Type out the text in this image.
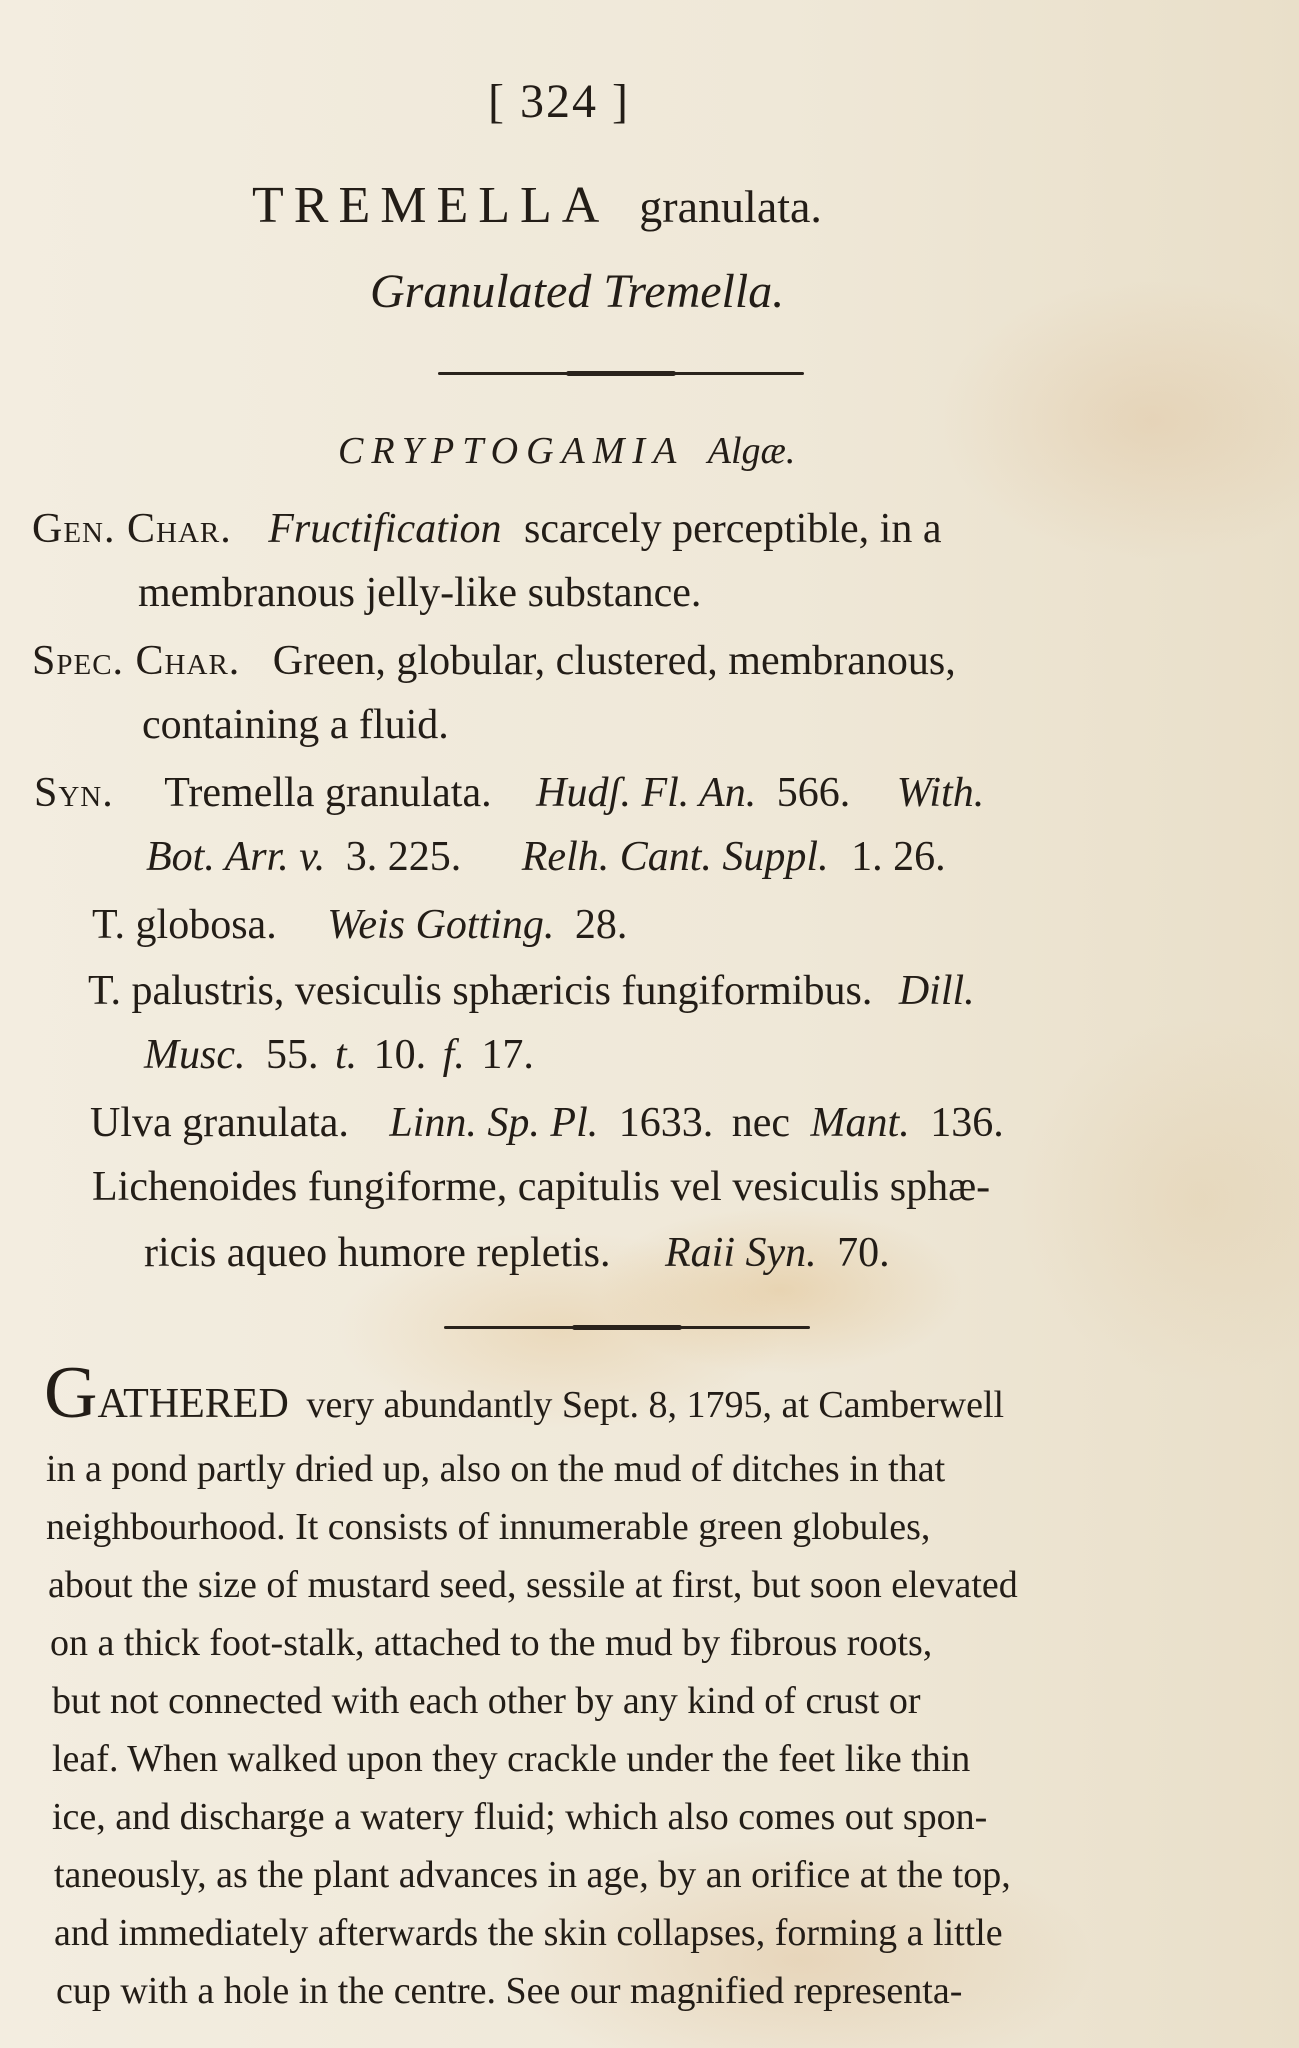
[ 324 ]
TREMELLA granulata.
Granulated Tremella.
CRYPTOGAMIA Algæ.
Gen. Char. Fructification scarcely perceptible, in a
membranous jelly-like substance.
Spec. Char. Green, globular, clustered, membranous,
containing a fluid.
Syn. Tremella granulata. Hudʃ. Fl. An. 566. With.
Bot. Arr. v. 3. 225. Relh. Cant. Suppl. 1. 26.
T. globosa. Weis Gotting. 28.
T. palustris, vesiculis sphæricis fungiformibus. Dill.
Musc. 55. t. 10. f. 17.
Ulva granulata. Linn. Sp. Pl. 1633. nec Mant. 136.
Lichenoides fungiforme, capitulis vel vesiculis sphæ-
ricis aqueo humore repletis. Raii Syn. 70.
GATHERED very abundantly Sept. 8, 1795, at Camberwell
in a pond partly dried up, also on the mud of ditches in that
neighbourhood. It consists of innumerable green globules,
about the size of mustard seed, sessile at first, but soon elevated
on a thick foot-stalk, attached to the mud by fibrous roots,
but not connected with each other by any kind of crust or
leaf. When walked upon they crackle under the feet like thin
ice, and discharge a watery fluid; which also comes out spon-
taneously, as the plant advances in age, by an orifice at the top,
and immediately afterwards the skin collapses, forming a little
cup with a hole in the centre. See our magnified representa-
